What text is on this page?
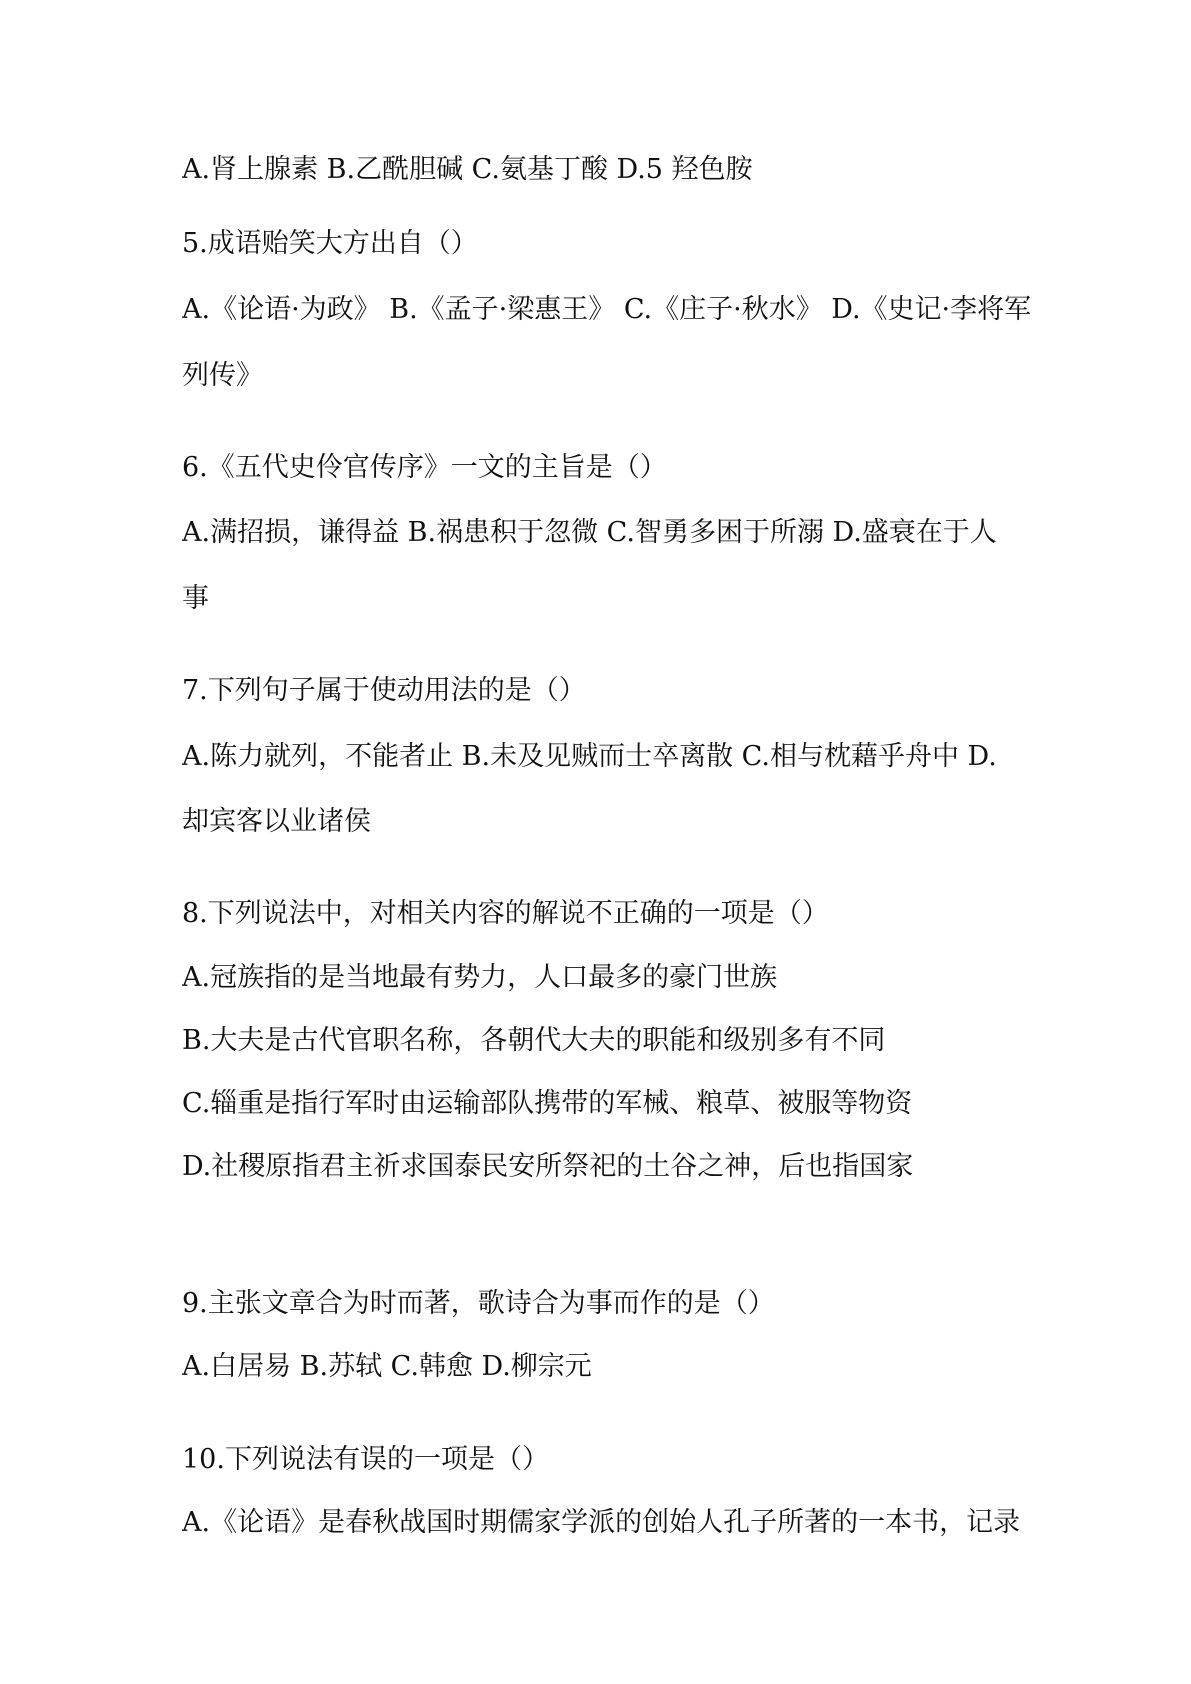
A.肾上腺素 B.乙酰胆碱 C.氨基丁酸 D.5 羟色胺
5.成语贻笑大方出自（）
A.《论语·为政》 B.《孟子·梁惠王》 C.《庄子·秋水》 D.《史记·李将军
列传》
6.《五代史伶官传序》一文的主旨是（）
A.满招损，谦得益 B.祸患积于忽微 C.智勇多困于所溺 D.盛衰在于人
事
7.下列句子属于使动用法的是（）
A.陈力就列，不能者止 B.未及见贼而士卒离散 C.相与枕藉乎舟中 D.
却宾客以业诸侯
8.下列说法中，对相关内容的解说不正确的一项是（）
A.冠族指的是当地最有势力，人口最多的豪门世族
B.大夫是古代官职名称，各朝代大夫的职能和级别多有不同
C.辎重是指行军时由运输部队携带的军械、粮草、被服等物资
D.社稷原指君主祈求国泰民安所祭祀的土谷之神，后也指国家
9.主张文章合为时而著，歌诗合为事而作的是（）
A.白居易 B.苏轼 C.韩愈 D.柳宗元
10.下列说法有误的一项是（）
A.《论语》是春秋战国时期儒家学派的创始人孔子所著的一本书，记录
